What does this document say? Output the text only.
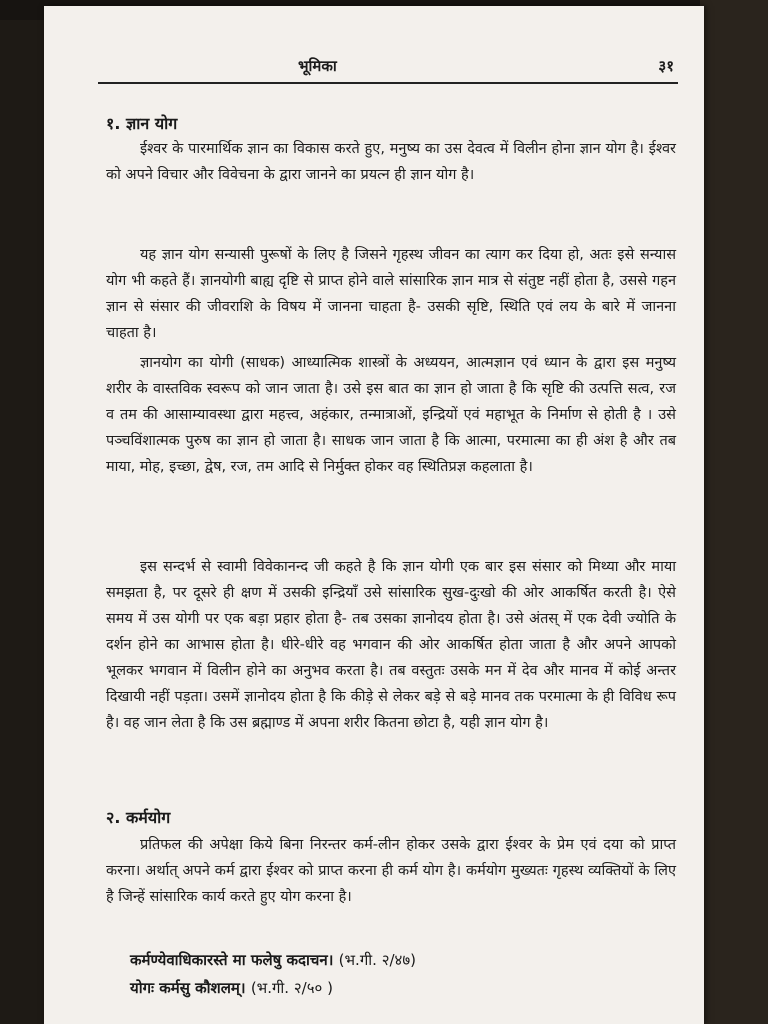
भूमिका	३१
१. ज्ञान योग

ईश्वर के पारमार्थिक ज्ञान का विकास करते हुए, मनुष्य का उस देवत्व में विलीन होना ज्ञान योग है। ईश्वर को अपने विचार और विवेचना के द्वारा जानने का प्रयत्न ही ज्ञान योग है।

यह ज्ञान योग सन्यासी पुरूषों के लिए है जिसने गृहस्थ जीवन का त्याग कर दिया हो, अतः इसे सन्यास योग भी कहते हैं। ज्ञानयोगी बाह्य दृष्टि से प्राप्त होने वाले सांसारिक ज्ञान मात्र से संतुष्ट नहीं होता है, उससे गहन ज्ञान से संसार की जीवराशि के विषय में जानना चाहता है- उसकी सृष्टि, स्थिति एवं लय के बारे में जानना चाहता है।

ज्ञानयोग का योगी (साधक) आध्यात्मिक शास्त्रों के अध्ययन, आत्मज्ञान एवं ध्यान के द्वारा इस मनुष्य शरीर के वास्तविक स्वरूप को जान जाता है। उसे इस बात का ज्ञान हो जाता है कि सृष्टि की उत्पत्ति सत्व, रज व तम की आसाम्यावस्था द्वारा महत्त्व, अहंकार, तन्मात्राओं, इन्द्रियों एवं महाभूत के निर्माण से होती है । उसे पञ्चविंशात्मक पुरुष का ज्ञान हो जाता है। साधक जान जाता है कि आत्मा, परमात्मा का ही अंश है और तब माया, मोह, इच्छा, द्वेष, रज, तम आदि से निर्मुक्त होकर वह स्थितिप्रज्ञ कहलाता है।

इस सन्दर्भ से स्वामी विवेकानन्द जी कहते है कि ज्ञान योगी एक बार इस संसार को मिथ्या और माया समझता है, पर दूसरे ही क्षण में उसकी इन्द्रियाँ उसे सांसारिक सुख-दुःखो की ओर आकर्षित करती है। ऐसे समय में उस योगी पर एक बड़ा प्रहार होता है- तब उसका ज्ञानोदय होता है। उसे अंतस् में एक देवी ज्योति के दर्शन होने का आभास होता है। धीरे-धीरे वह भगवान की ओर आकर्षित होता जाता है और अपने आपको भूलकर भगवान में विलीन होने का अनुभव करता है। तब वस्तुतः उसके मन में देव और मानव में कोई अन्तर दिखायी नहीं पड़ता। उसमें ज्ञानोदय होता है कि कीड़े से लेकर बड़े से बड़े मानव तक परमात्मा के ही विविध रूप है। वह जान लेता है कि उस ब्रह्माण्ड में अपना शरीर कितना छोटा है, यही ज्ञान योग है।

२. कर्मयोग

प्रतिफल की अपेक्षा किये बिना निरन्तर कर्म-लीन होकर उसके द्वारा ईश्वर के प्रेम एवं दया को प्राप्त करना। अर्थात् अपने कर्म द्वारा ईश्वर को प्राप्त करना ही कर्म योग है। कर्मयोग मुख्यतः गृहस्थ व्यक्तियों के लिए है जिन्हें सांसारिक कार्य करते हुए योग करना है।

कर्मण्येवाधिकारस्ते मा फलेषु कदाचन। (भ.गी. २/४७)
योगः कर्मसु कौशलम्। (भ.गी. २/५० )
